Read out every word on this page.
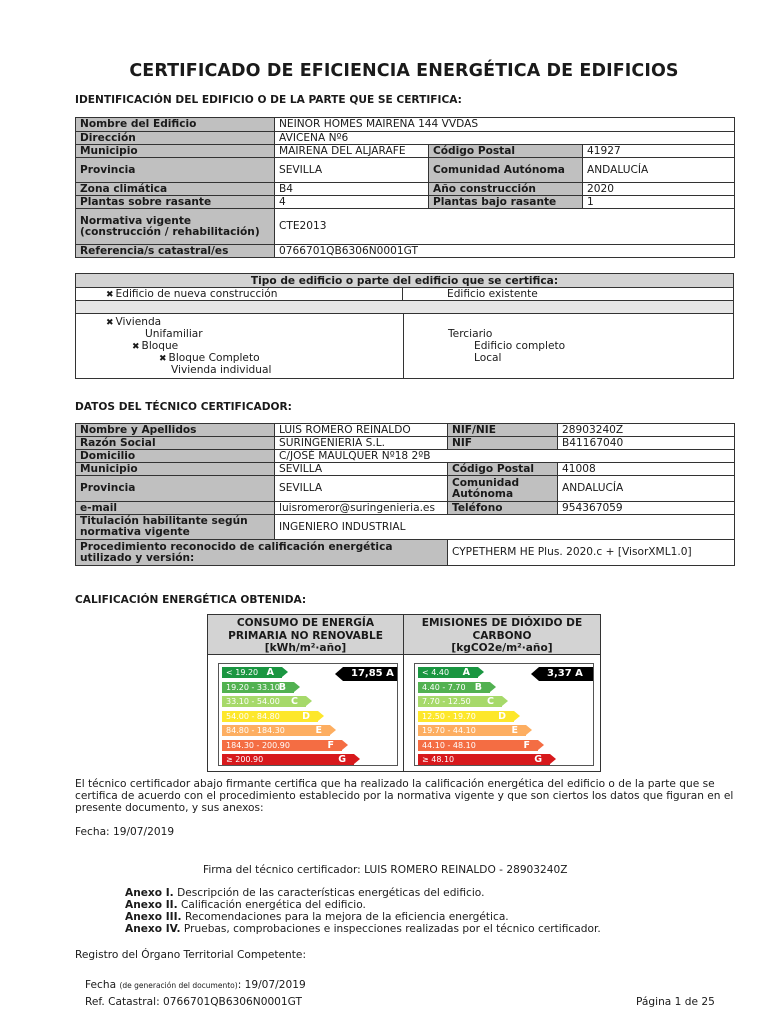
CERTIFICADO DE EFICIENCIA ENERGÉTICA DE EDIFICIOS
IDENTIFICACIÓN DEL EDIFICIO O DE LA PARTE QUE SE CERTIFICA:
Nombre del Edificio	NEINOR HOMES MAIRENA 144 VVDAS		
Dirección	AVICENA Nº6		
Municipio	MAIRENA DEL ALJARAFE	Código Postal	41927
Provincia	SEVILLA	Comunidad Autónoma	ANDALUCÍA
Zona climática	B4	Año construcción	2020
Plantas sobre rasante	4	Plantas bajo rasante	1
Normativa vigente (construcción / rehabilitación)	CTE2013		
Referencia/s catastral/es	0766701QB6306N0001GT		
Tipo de edificio o parte del edificio que se certifica:
✖ Edificio de nueva construcción	Edificio existente
✖ Vivienda
Unifamiliar
✖ Bloque
✖ Bloque Completo
Vivienda individual
Terciario
Edificio completo
Local
DATOS DEL TÉCNICO CERTIFICADOR:
Nombre y Apellidos	LUIS ROMERO REINALDO	NIF/NIE	28903240Z
Razón Social	SURINGENIERIA S.L.	NIF	B41167040
Domicilio	C/JOSÉ MAULQUER Nº18 2ºB		
Municipio	SEVILLA	Código Postal	41008
Provincia	SEVILLA	Comunidad Autónoma	ANDALUCÍA
e-mail	luisromeror@suringenieria.es	Teléfono	954367059
Titulación habilitante según normativa vigente	INGENIERO INDUSTRIAL		
Procedimiento reconocido de calificación energética utilizado y versión:		CYPETHERM HE Plus. 2020.c + [VisorXML1.0]	
CALIFICACIÓN ENERGÉTICA OBTENIDA:
CONSUMO DE ENERGÍA
PRIMARIA NO RENOVABLE
[kWh/m²·año]
< 19.20 A
19.20 - 33.10
B
33.10 - 54.00 C
54.00 - 84.80 D
84.80 - 184.30	E
184.30 - 200.90	F
≥ 200.90	G
17,85 A
EMISIONES DE DIÓXIDO DE
CARBONO
[kgCO2e/m²·año]
< 4.40 A
4.40 - 7.70 B
7.70 - 12.50 C
12.50 - 19.70 D
19.70 - 44.10	E
44.10 - 48.10	F
≥ 48.10	G
3,37 A
El técnico certificador abajo firmante certifica que ha realizado la calificación energética del edificio o de la parte que se certifica de acuerdo con el procedimiento establecido por la normativa vigente y que son ciertos los datos que figuran en el presente documento, y sus anexos:
Fecha: 19/07/2019
Firma del técnico certificador: LUIS ROMERO REINALDO - 28903240Z
Anexo I. Descripción de las características energéticas del edificio.
Anexo II. Calificación energética del edificio.
Anexo III. Recomendaciones para la mejora de la eficiencia energética.
Anexo IV. Pruebas, comprobaciones e inspecciones realizadas por el técnico certificador.
Registro del Órgano Territorial Competente:
Fecha (de generación del documento): 19/07/2019
Ref. Catastral: 0766701QB6306N0001GT	Página 1 de 25
